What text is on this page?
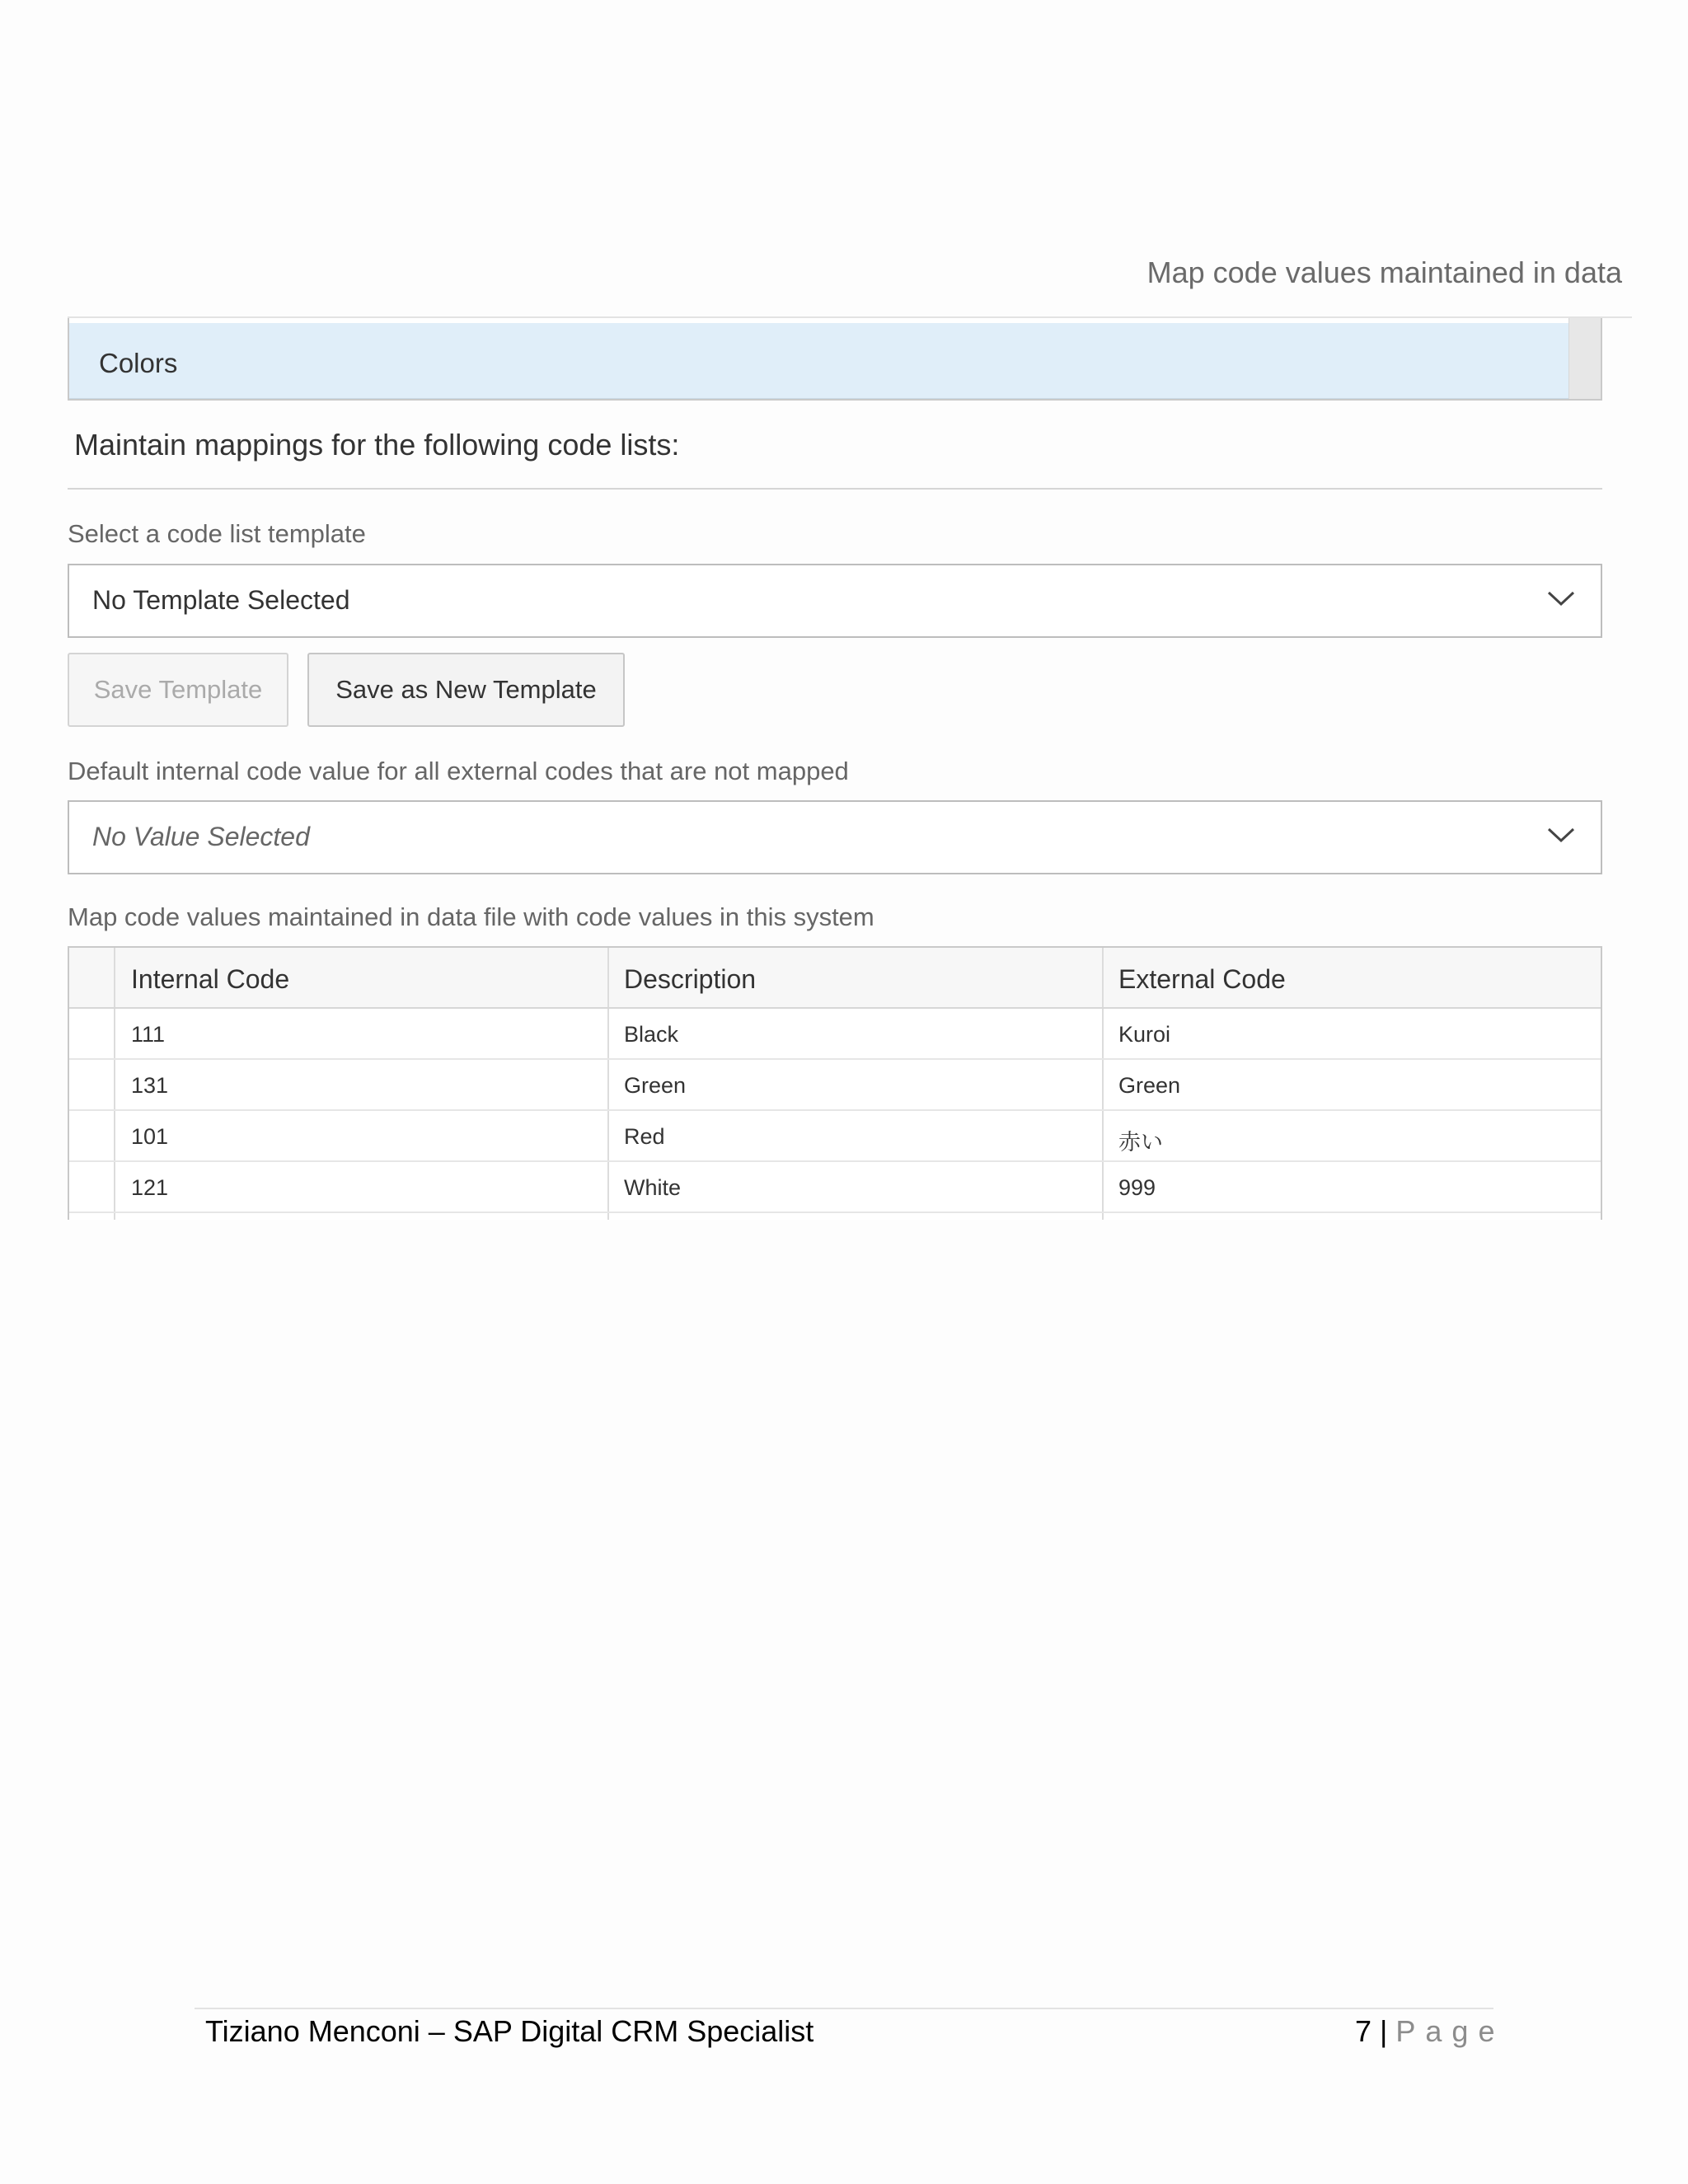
Map code values maintained in data
Colors
Maintain mappings for the following code lists:
Select a code list template
No Template Selected
Save Template	Save as New Template
Default internal code value for all external codes that are not mapped
No Value Selected
Map code values maintained in data file with code values in this system
Internal Code	Description	External Code
111	Black	Kuroi
131	Green	Green
101	Red	赤い
121	White	999
Tiziano Menconi – SAP Digital CRM Specialist	7 | Page
